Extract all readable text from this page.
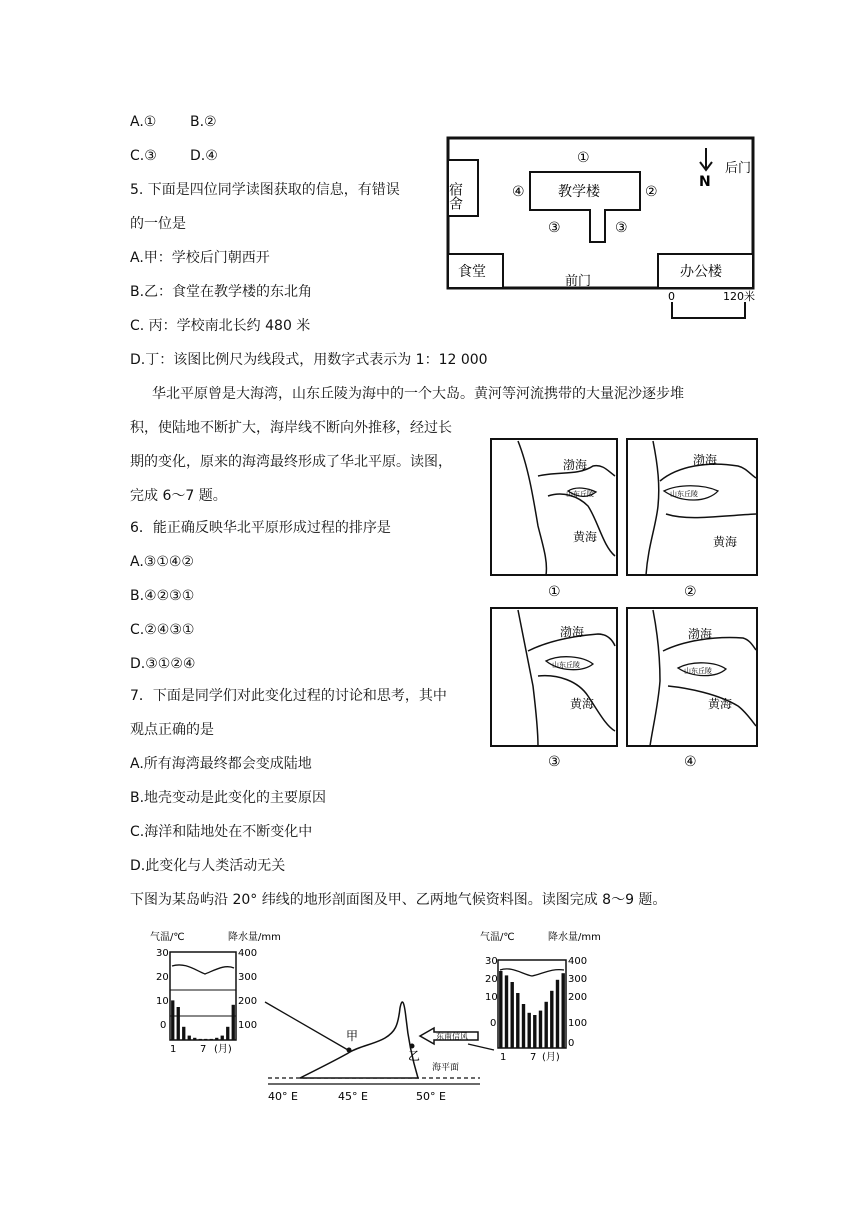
A.① B.②
C.③ D.④
5. 下面是四位同学读图获取的信息，有错误
的一位是
A.甲：学校后门朝西开
B.乙：食堂在教学楼的东北角
C. 丙：学校南北长约 480 米
D.丁：该图比例尺为线段式，用数字式表示为 1：12 000
宿舍	教学楼
①
②
③	③
④
N
后门
食堂	办公楼
前门
0	120米
华北平原曾是大海湾，山东丘陵为海中的一个大岛。黄河等河流携带的大量泥沙逐步堆
积，使陆地不断扩大，海岸线不断向外推移，经过长
期的变化，原来的海湾最终形成了华北平原。读图，
完成 6～7 题。
6．能正确反映华北平原形成过程的排序是
A.③①④②
B.④②③①
C.②④③①
D.③①②④
7．下面是同学们对此变化过程的讨论和思考，其中
观点正确的是
A.所有海湾最终都会变成陆地
B.地壳变动是此变化的主要原因
C.海洋和陆地处在不断变化中
D.此变化与人类活动无关
下图为某岛屿沿 20° 纬线的地形剖面图及甲、乙两地气候资料图。读图完成 8～9 题。
渤海
山东丘陵
黄海
①
渤海
山东丘陵
黄海
②
渤海
山东丘陵
黄海
③
渤海
山东丘陵
黄海
④
气温/℃	降水量/mm
30
20
10
0
400
300
200
100
1 7 (月)
气温/℃	降水量/mm
30
20
10
0
400
300
200
100
0
1 7 (月)
甲
乙
东南信风
海平面
40° E	45° E	50° E
